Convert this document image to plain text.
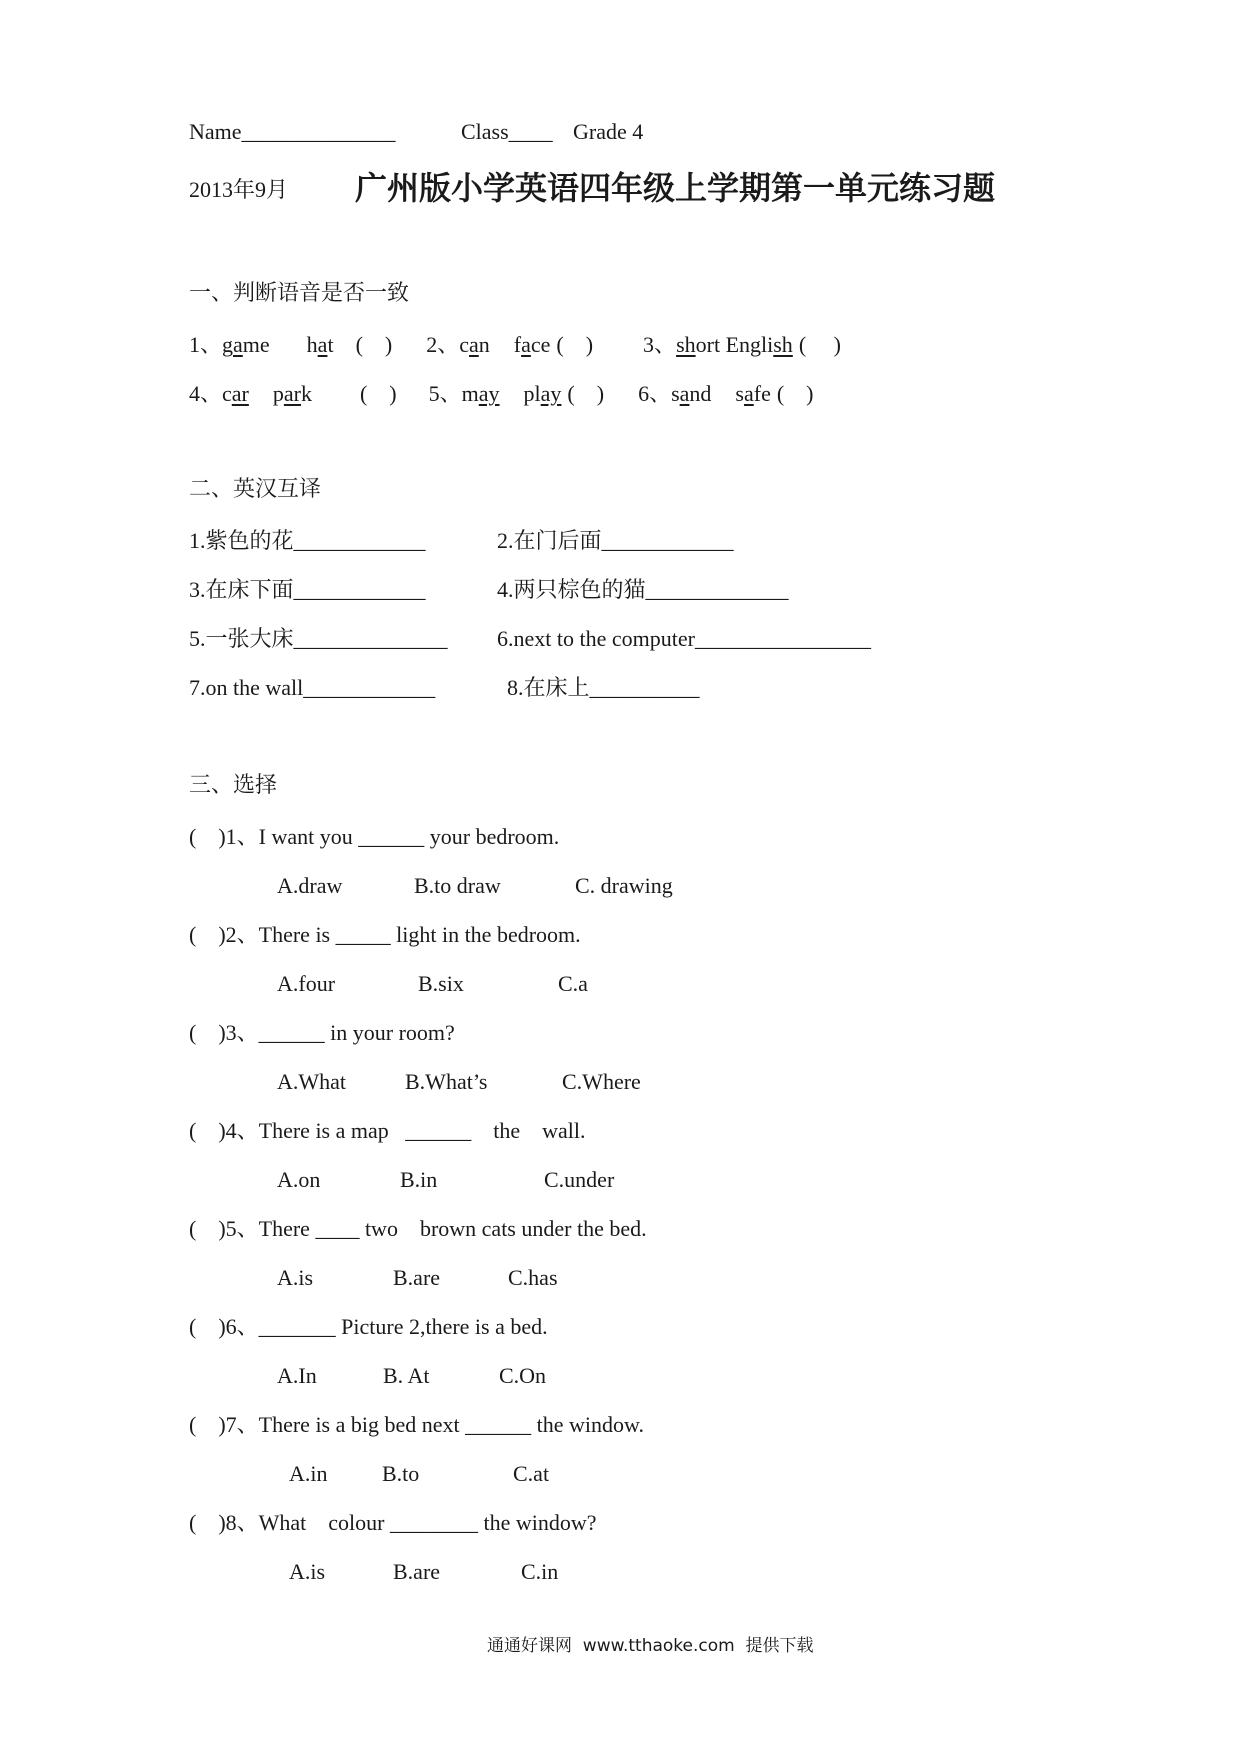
Name______________	Class____ Grade 4
2013年9月 广州版小学英语四年级上学期第一单元练习题
一、判断语音是否一致
1、game hat (    ) 2、can face (    ) 3、short English (     )
4、car park (    ) 5、may play (    ) 6、sand safe (    )
二、英汉互译
1.紫色的花____________	2.在门后面____________
3.在床下面____________	4.两只棕色的猫_____________
5.一张大床______________ 6.next to the computer________________
7.on the wall____________	8.在床上__________
三、选择
(    )1、I want you ______ your bedroom.
A.draw	B.to draw	C. drawing
(    )2、There is _____ light in the bedroom.
A.four	B.six	C.a
(    )3、______ in your room?
A.What	B.What’s	C.Where
(    )4、There is a map   ______    the    wall.
A.on	B.in	C.under
(    )5、There ____ two    brown cats under the bed.
A.is	B.are	C.has
(    )6、_______ Picture 2,there is a bed.
A.In	B. At	C.On
(    )7、There is a big bed next ______ the window.
A.in B.to	C.at
(    )8、What    colour ________ the window?
A.is	B.are	C.in
通通好课网  www.tthaoke.com  提供下载
